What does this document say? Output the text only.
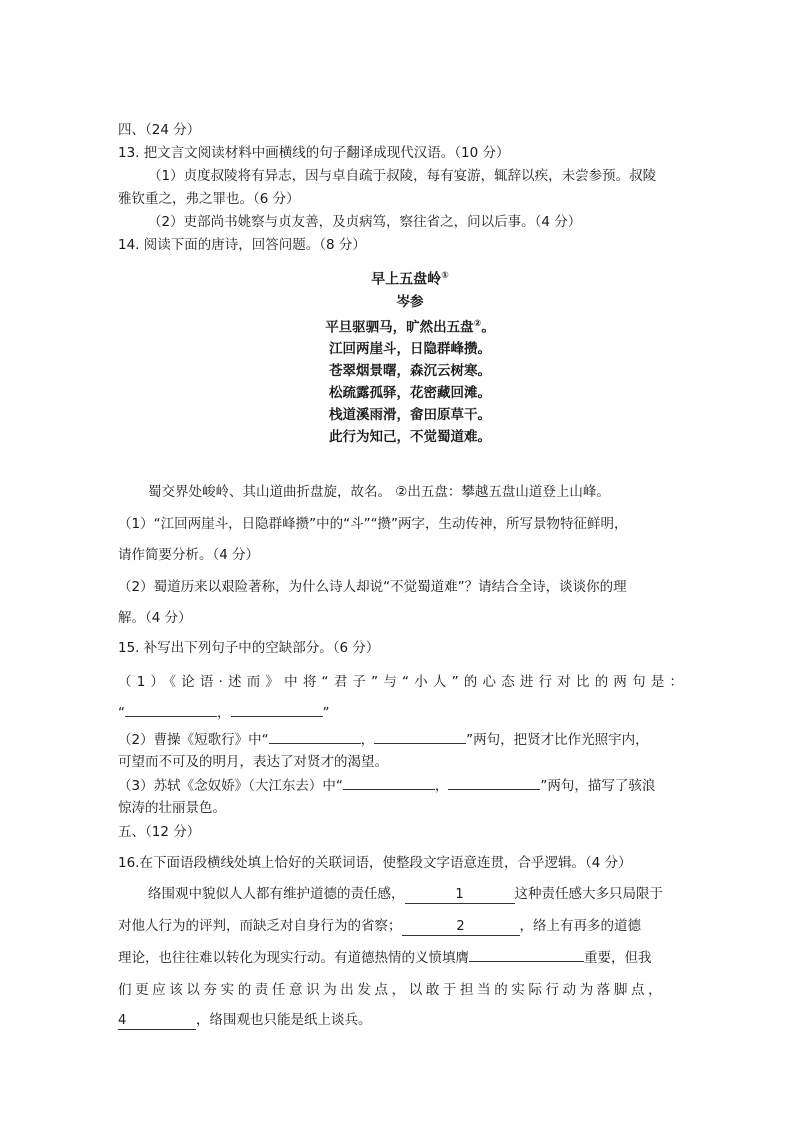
四、（24 分）
13. 把文言文阅读材料中画横线的句子翻译成现代汉语。（10 分）
（1）贞度叔陵将有异志，因与卓自疏于叔陵，每有宴游，辄辞以疾，未尝参预。叔陵
雅钦重之，弗之罪也。（6 分）
（2）吏部尚书姚察与贞友善，及贞病笃，察往省之，问以后事。（4 分）
14. 阅读下面的唐诗，回答问题。（8 分）
早上五盘岭①
岑参
平旦驱驷马，旷然出五盘②。
江回两崖斗，日隐群峰攒。
苍翠烟景曙，森沉云树寒。
松疏露孤驿，花密藏回滩。
栈道溪雨滑，畲田原草干。
此行为知己，不觉蜀道难。
蜀交界处峻岭、其山道曲折盘旋，故名。 ②出五盘：攀越五盘山道登上山峰。
（1）“江回两崖斗，日隐群峰攒”中的“斗”“攒”两字，生动传神，所写景物特征鲜明，
请作简要分析。（4 分）
（2）蜀道历来以艰险著称，为什么诗人却说“不觉蜀道难”？请结合全诗，谈谈你的理
解。（4 分）
15. 补写出下列句子中的空缺部分。（6 分）
（1）《论语·述而》中将“君子”与“小人”的心态进行对比的两句是：
“	，	”
（2）曹操《短歌行》中“	，	”两句，把贤才比作光照宇内，
可望而不可及的明月，表达了对贤才的渴望。
（3）苏轼《念奴娇》（大江东去）中“	，	”两句，描写了骇浪
惊涛的壮丽景色。
五、（12 分）
16.在下面语段横线处填上恰好的关联词语，使整段文字语意连贯，合乎逻辑。（4 分）
络围观中貌似人人都有维护道德的责任感，	1	这种责任感大多只局限于
对他人行为的评判，而缺乏对自身行为的省察；	2	，络上有再多的道德
理论，也往往难以转化为现实行动。有道德热情的义愤填膺	重要，但我
们更应该以夯实的责任意识为出发点，以敢于担当的实际行动为落脚点，
4	，络围观也只能是纸上谈兵。
